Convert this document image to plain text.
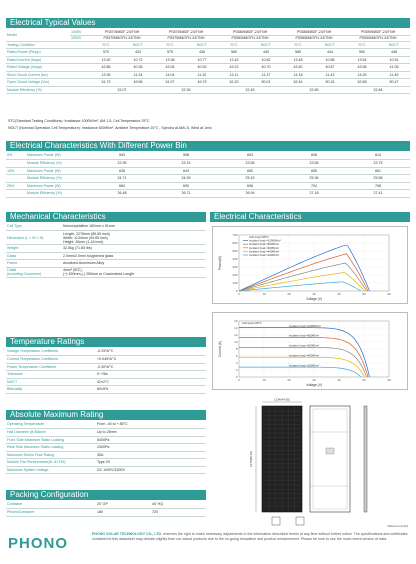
Electrical Typical Values
Model	1000V	PS570M8GF-24/TNH		PS575M8GF-24/TNH		PS580M8GF-24/TNH		PS585M8GF-24/TNH		PS590M8GF-24/TNH	
	1500V	PS570M8GFH-24/TNH		PS575M8GFH-24/TNH		PS580M8GFH-24/TNH		PS585M8GFH-24/TNH		PS590M8GFH-24/TNH	
Testing Condition		STC	NOCT	STC	NOCT	STC	NOCT	STC	NOCT	STC	NOCT
Rated Power (Pmpp)		570	433	575	436	580	440	585	444	590	448
Rated Current (Impp)		13.30	10.72	13.36	10.77	13.42	10.82	13.48	10.86	13.54	10.91
Rated Voltage (Vmpp)		42.86	40.36	43.04	40.53	43.22	40.70	43.40	40.87	43.58	41.05
Short Circuit Current (Isc)		13.95	11.24	14.04	11.32	14.11	11.37	14.18	11.43	14.25	11.49
Open Circuit Voltage (Voc)		51.73	49.56	51.97	49.79	52.20	50.01	52.44	50.24	52.68	50.47
Module Efficiency (%)		22.07		22.26		22.45		22.65		22.84	
STC(Standard Testing Conditions): Irradiance 1000W/m², AM 1.5, Cell Temperature 25°C
NOCT (Nominal Operation Cell Temperature): Irradiance 800W/m², Ambient Temperature 20°C , Spectra at AM1.5, Wind at 1m/s
Electrical Characteristics With Different Power Bin
5%	Maximum Power (W)	593	598	603	608	614
	Module Efficiency (%)	22.95	23.15	23.55	23.55	23.75
15%	Maximum Power (W)	638	644	650	655	661
	Module Efficiency (%)	24.71	24.93	25.15	25.36	25.58
25%	Maximum Power (W)	684	690	696	702	708
	Module Efficiency (%)	26.48	26.71	26.94	27.18	27.41
Mechanical Characteristics
Cell Type	Monocrystalline 182mm x 91mm
Dimension (L × W × H)	Length: 2278mm (89.69 inch)
Width: 1134mm (44.65 inch)
Height: 30mm (1.18 inch)
Weight	32.5kg (71.65 lbs)
Glass	2.0mm/2.0mm toughened glass
Frame	Anodized Aluminium Alloy
Cable
(Including Connector)	4mm² (IEC),
(+) 450mm,(-) 250mm or Customized Length
Electrical Characteristics
0	10	20	30	40	50	60
0
100
200
300
400
500
600
700
Voltage (V)
Power(W)
Cell temp=25°C
Incident Irrad.=1000W/m²
Incident Irrad.=800W/m²
Incident Irrad.=600W/m²
Incident Irrad.=400W/m²
Incident Irrad.=200W/m²
0	10	20	30	40	50	60
0
2
4
6
8
10
12
14
16
Voltage (V)
Current (A)
Cell temp=25°C
Incident Irrad.=1000W/m²
Incident Irrad.=800W/m²
Incident Irrad.=600W/m²
Incident Irrad.=400W/m²
Incident Irrad.=200W/m²
Temperature Ratings
Voltage Temperature Coefficient	-0.25%/°C
Current Temperature Coefficient	+0.045%/°C
Power Temperature Coefficient	-0.30%/°C
Tolerance	0~+5w
NOCT	42±2°C
Bifaciality	80±5%
Absolute Maximum Rating
Operating Temperature	From -40 to + 85°C
Hail Diameter @ 80km/h	Up to 25mm
Front Side Maximum Static Loading	5400Pa
Rear Side Maximum Static Loading	2400Pa
Maximum Series Fuse Rating	30A
Module Fire Performance(UL 61730)	Type 29
Maximum System Voltage	DC 1000V/1500V
Packing Configuration
Container	20' GP	40' HQ
Pieces/Container	180	720
2278(89.69)
1134(44.65)
Note:mm (inch)
PHONO
PHONO SOLAR TECHNOLOGY CO., LTD. reserves the right to make necessary adjustments to the information described herein at any time without further notice. The specifications and certificates contained in this datasheet may deviate slightly from our actual products due to the on-going innovation and product enhancement. Please be sure to use the most recent version of data.
